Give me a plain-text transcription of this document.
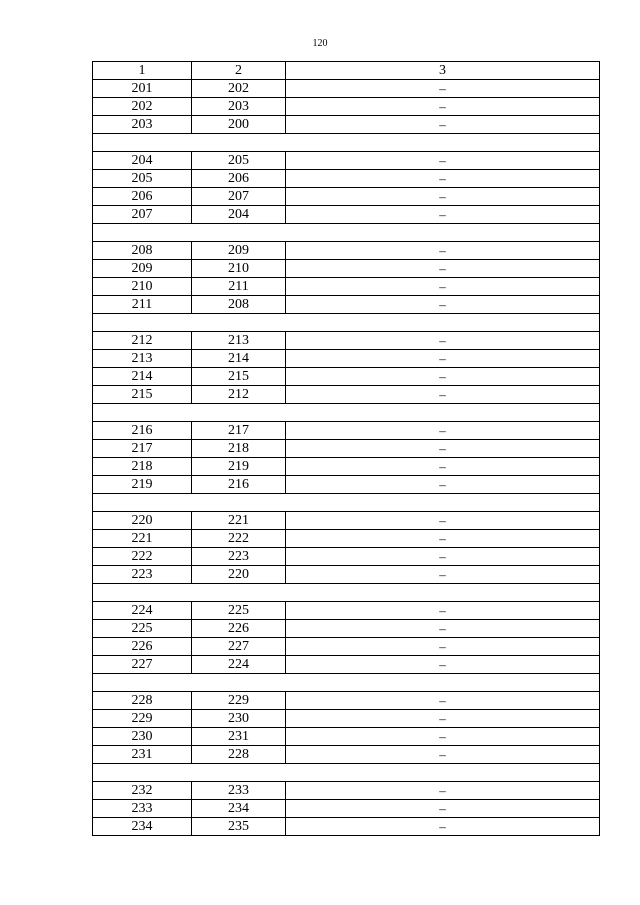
120
1	2	3
201	202	–
202	203	–
203	200	–

204	205	–
205	206	–
206	207	–
207	204	–

208	209	–
209	210	–
210	211	–
211	208	–

212	213	–
213	214	–
214	215	–
215	212	–

216	217	–
217	218	–
218	219	–
219	216	–

220	221	–
221	222	–
222	223	–
223	220	–

224	225	–
225	226	–
226	227	–
227	224	–

228	229	–
229	230	–
230	231	–
231	228	–

232	233	–
233	234	–
234	235	–
